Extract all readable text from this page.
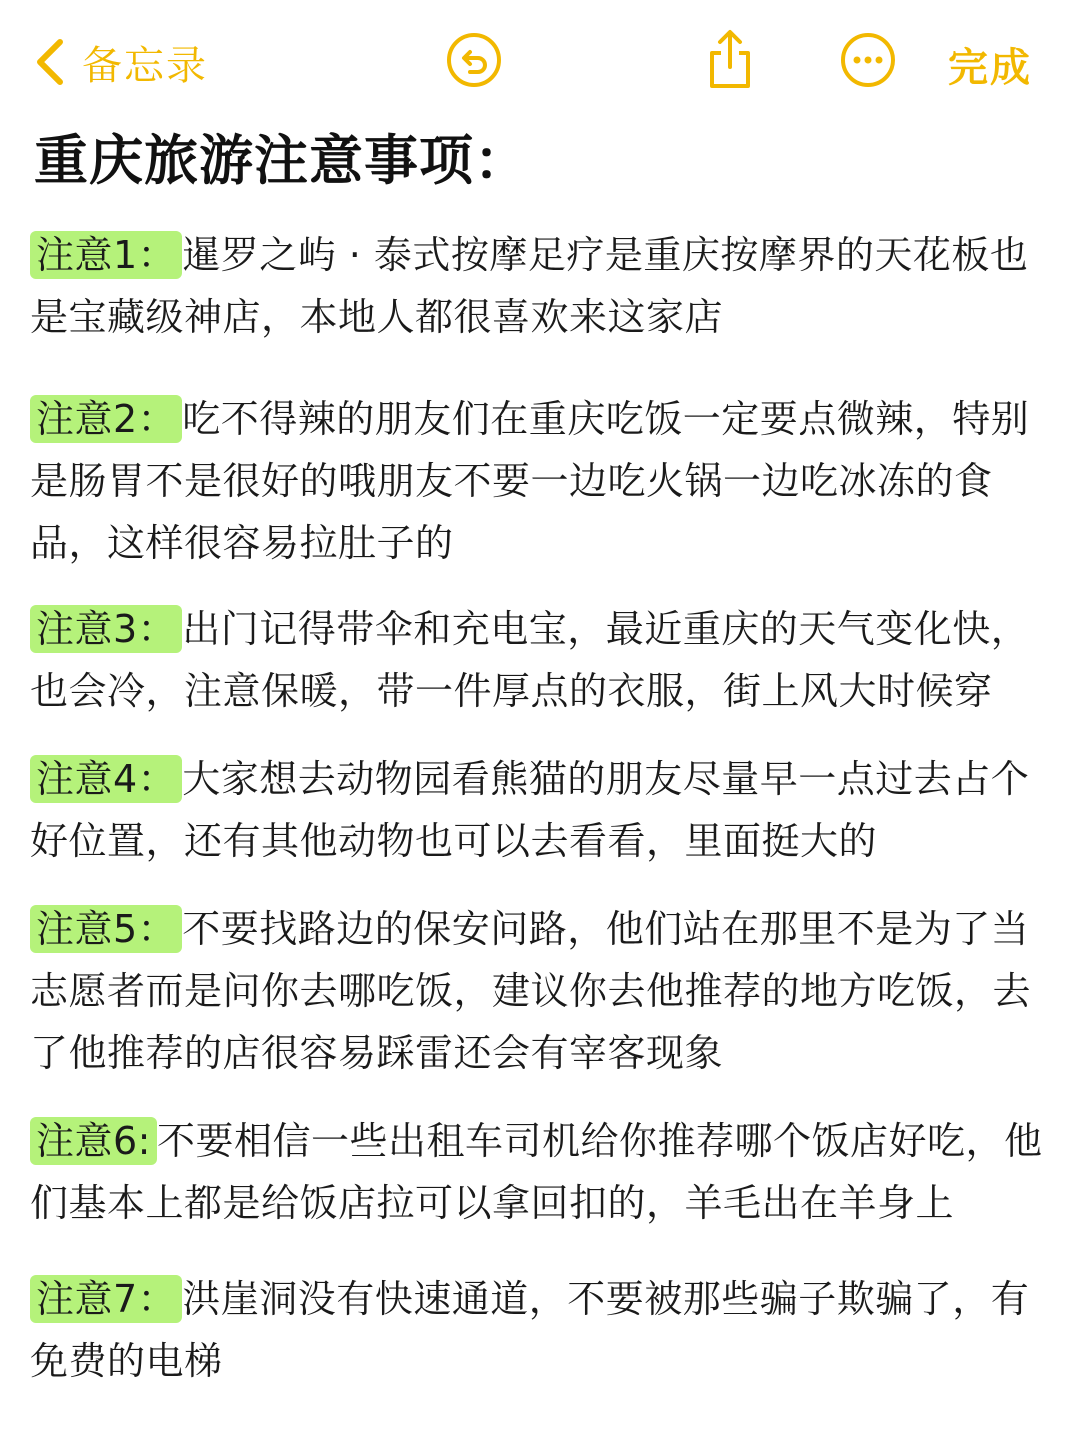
备忘录	完成
重庆旅游注意事项：

注意1： 暹罗之屿 · 泰式按摩足疗是重庆按摩界的天花板也是宝藏级神店，本地人都很喜欢来这家店

注意2： 吃不得辣的朋友们在重庆吃饭一定要点微辣，特别是肠胃不是很好的哦朋友不要一边吃火锅一边吃冰冻的食品，这样很容易拉肚子的

注意3： 出门记得带伞和充电宝，最近重庆的天气变化快，也会冷，注意保暖，带一件厚点的衣服，街上风大时候穿

注意4： 大家想去动物园看熊猫的朋友尽量早一点过去占个好位置，还有其他动物也可以去看看，里面挺大的

注意5： 不要找路边的保安问路，他们站在那里不是为了当志愿者而是问你去哪吃饭，建议你去他推荐的地方吃饭，去了他推荐的店很容易踩雷还会有宰客现象

注意6: 不要相信一些出租车司机给你推荐哪个饭店好吃，他们基本上都是给饭店拉可以拿回扣的，羊毛出在羊身上

注意7： 洪崖洞没有快速通道，不要被那些骗子欺骗了，有免费的电梯
